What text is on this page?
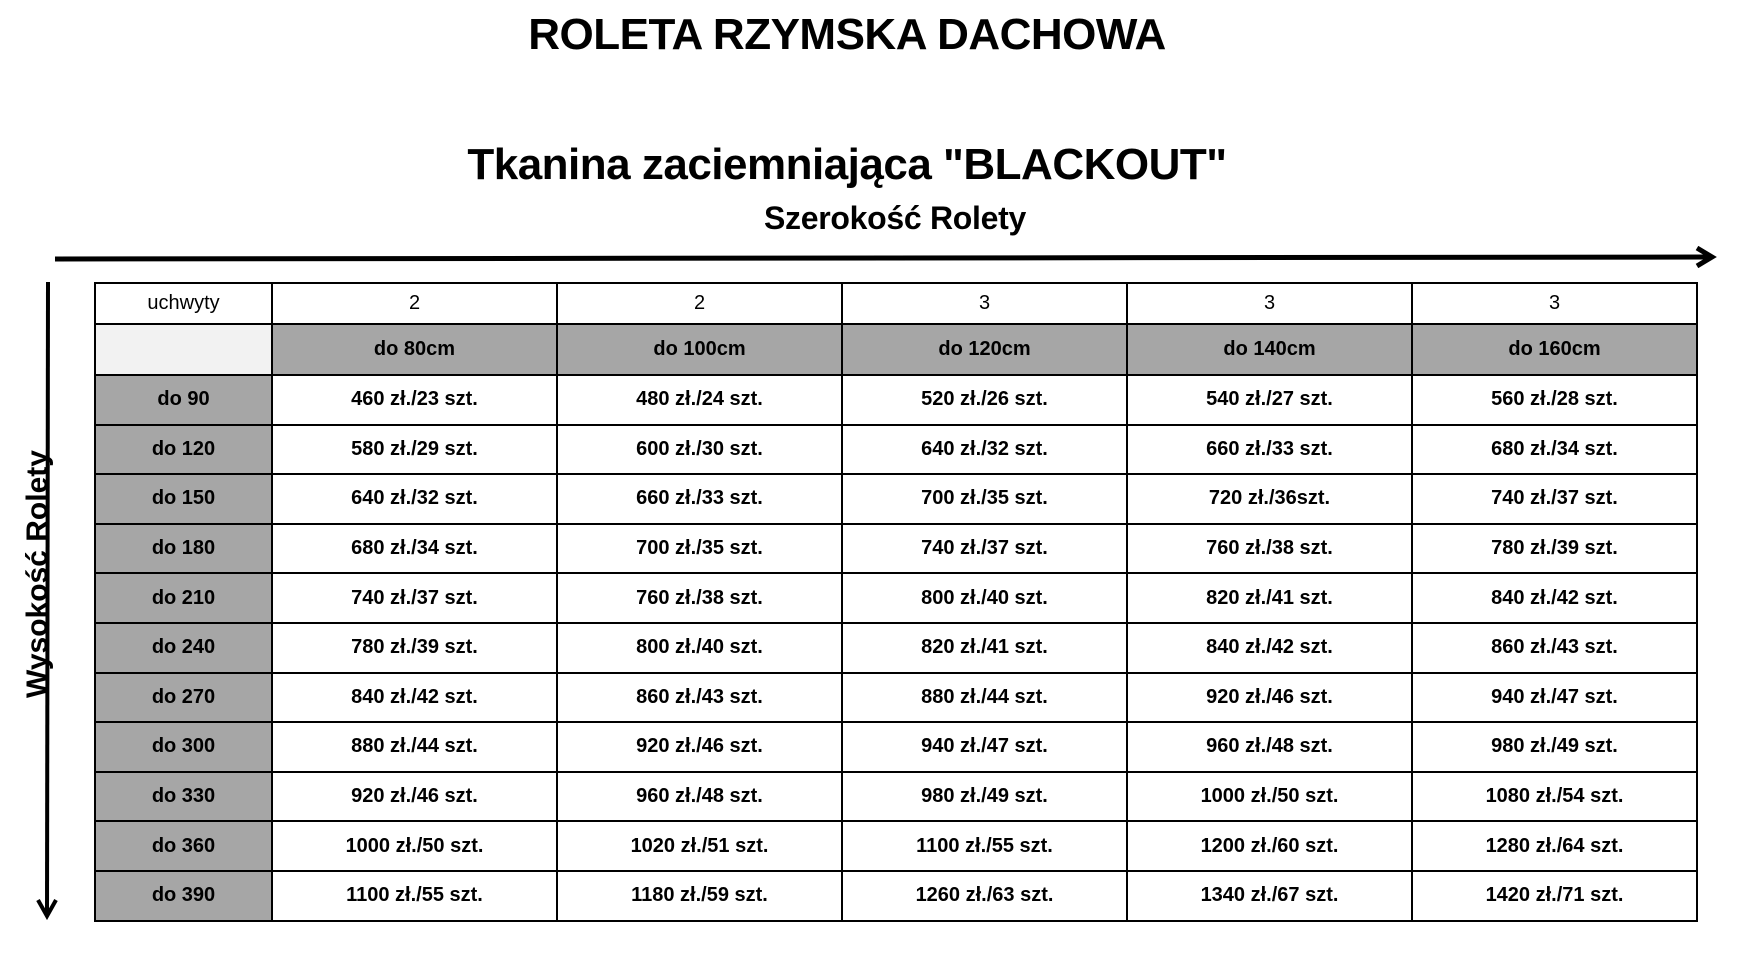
ROLETA RZYMSKA DACHOWA
Tkanina zaciemniająca "BLACKOUT"
Szerokość Rolety
Wysokość Rolety
uchwyty	2	2	3	3	3
	do 80cm	do 100cm	do 120cm	do 140cm	do 160cm
do 90	460 zł./23 szt.	480 zł./24 szt.	520 zł./26 szt.	540 zł./27 szt.	560 zł./28 szt.
do 120	580 zł./29 szt.	600 zł./30 szt.	640 zł./32 szt.	660 zł./33 szt.	680 zł./34 szt.
do 150	640 zł./32 szt.	660 zł./33 szt.	700 zł./35 szt.	720 zł./36szt.	740 zł./37 szt.
do 180	680 zł./34 szt.	700 zł./35 szt.	740 zł./37 szt.	760 zł./38 szt.	780 zł./39 szt.
do 210	740 zł./37 szt.	760 zł./38 szt.	800 zł./40 szt.	820 zł./41 szt.	840 zł./42 szt.
do 240	780 zł./39 szt.	800 zł./40 szt.	820 zł./41 szt.	840 zł./42 szt.	860 zł./43 szt.
do 270	840 zł./42 szt.	860 zł./43 szt.	880 zł./44 szt.	920 zł./46 szt.	940 zł./47 szt.
do 300	880 zł./44 szt.	920 zł./46 szt.	940 zł./47 szt.	960 zł./48 szt.	980 zł./49 szt.
do 330	920 zł./46 szt.	960 zł./48 szt.	980 zł./49 szt.	1000 zł./50 szt.	1080 zł./54 szt.
do 360	1000 zł./50 szt.	1020 zł./51 szt.	1100 zł./55 szt.	1200 zł./60 szt.	1280 zł./64 szt.
do 390	1100 zł./55 szt.	1180 zł./59 szt.	1260 zł./63 szt.	1340 zł./67 szt.	1420 zł./71 szt.
